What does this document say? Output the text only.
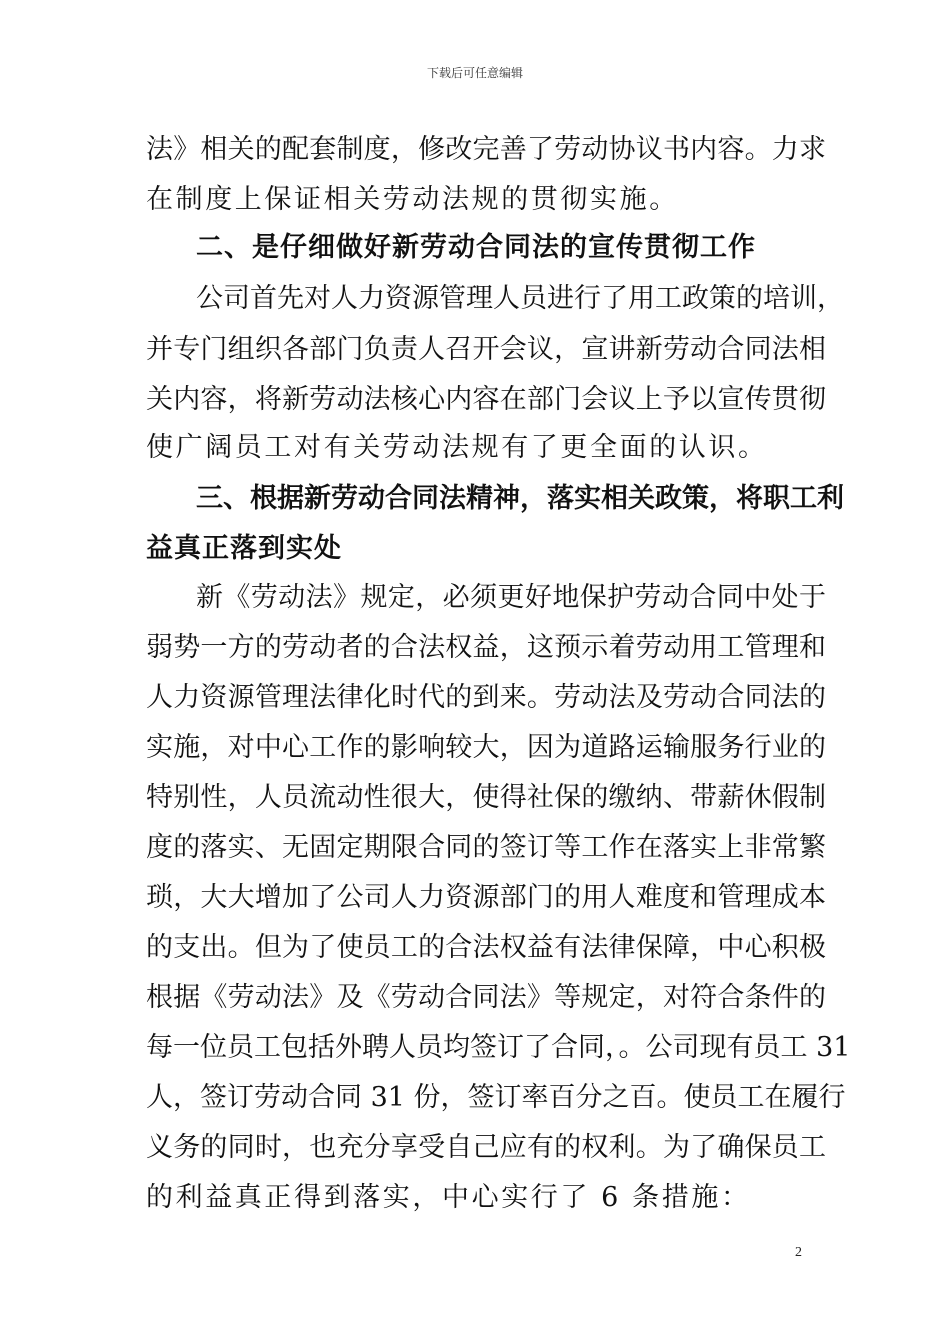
下载后可任意编辑
法》相关的配套制度，修改完善了劳动协议书内容。力求
在制度上保证相关劳动法规的贯彻实施。
二、是仔细做好新劳动合同法的宣传贯彻工作
公司首先对人力资源管理人员进行了用工政策的培训，
并专门组织各部门负责人召开会议，宣讲新劳动合同法相
关内容，将新劳动法核心内容在部门会议上予以宣传贯彻
使广阔员工对有关劳动法规有了更全面的认识。
三、根据新劳动合同法精神，落实相关政策，将职工利
益真正落到实处
新《劳动法》规定，必须更好地保护劳动合同中处于
弱势一方的劳动者的合法权益，这预示着劳动用工管理和
人力资源管理法律化时代的到来。劳动法及劳动合同法的
实施，对中心工作的影响较大，因为道路运输服务行业的
特别性，人员流动性很大，使得社保的缴纳、带薪休假制
度的落实、无固定期限合同的签订等工作在落实上非常繁
琐，大大增加了公司人力资源部门的用人难度和管理成本
的支出。但为了使员工的合法权益有法律保障，中心积极
根据《劳动法》及《劳动合同法》等规定，对符合条件的
每一位员工包括外聘人员均签订了合同，。公司现有员工 31
人，签订劳动合同 31 份，签订率百分之百。使员工在履行
义务的同时，也充分享受自己应有的权利。为了确保员工
的利益真正得到落实，中心实行了 6 条措施：
2
